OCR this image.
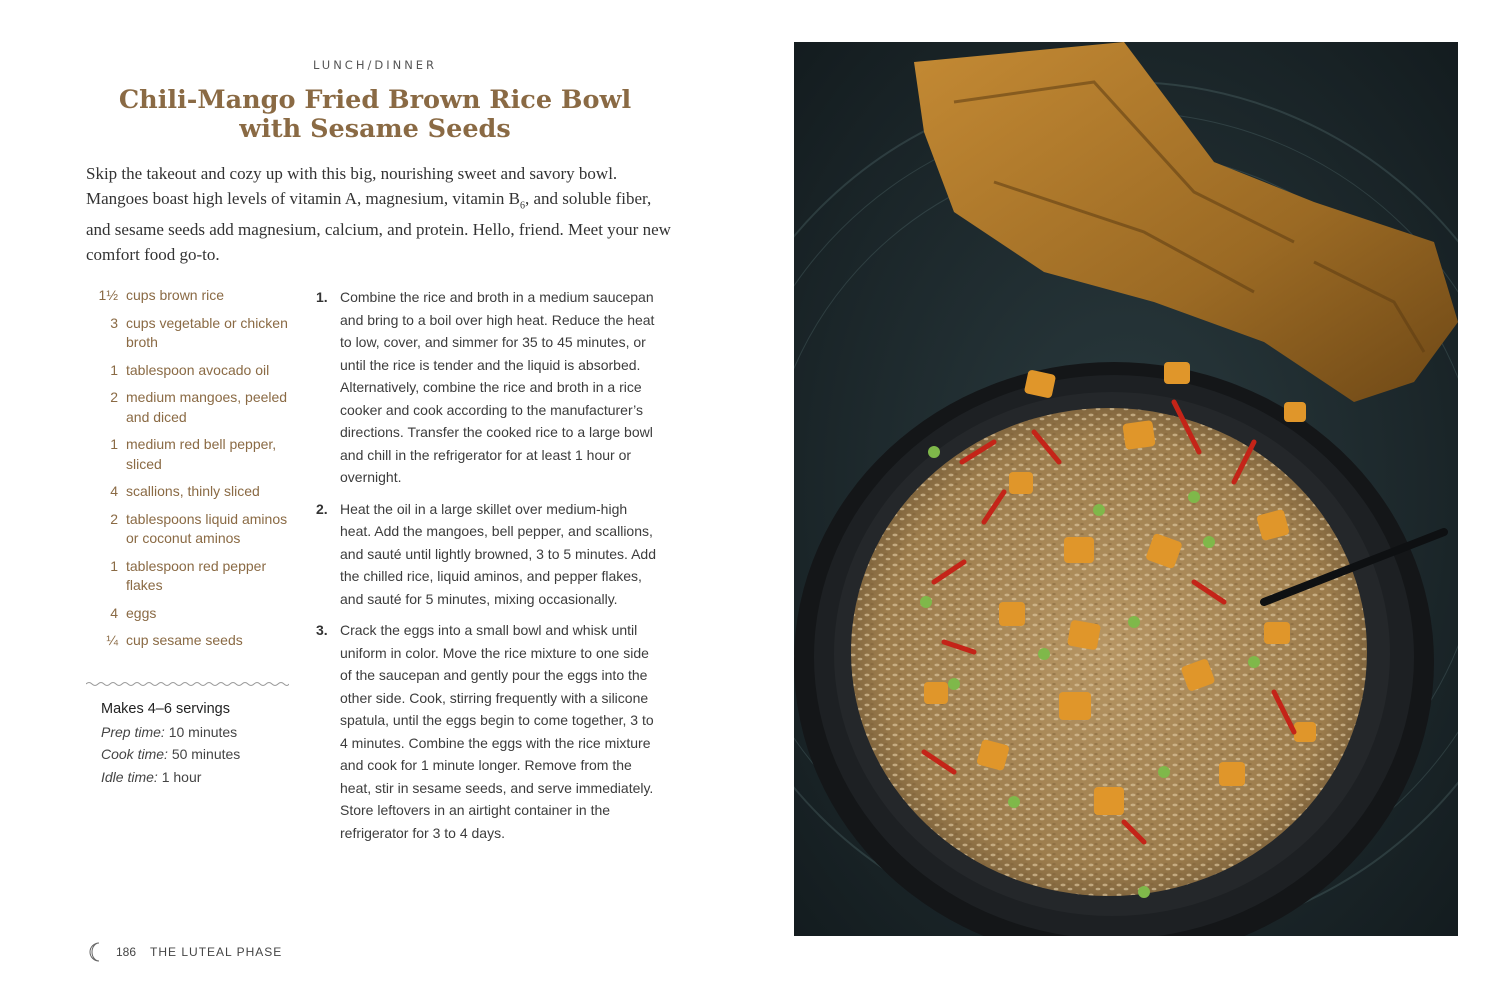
LUNCH/DINNER
Chili-Mango Fried Brown Rice Bowl
with Sesame Seeds

Skip the takeout and cozy up with this big, nourishing sweet and savory bowl. Mangoes boast high levels of vitamin A, magnesium, vitamin $B_6$, and soluble fiber, and sesame seeds add magnesium, calcium, and protein. Hello, friend. Meet your new comfort food go-to.

1½ cups brown rice
3 cups vegetable or chicken broth
1 tablespoon avocado oil
2 medium mangoes, peeled and diced
1 medium red bell pepper, sliced
4 scallions, thinly sliced
2 tablespoons liquid aminos or coconut aminos
1 tablespoon red pepper flakes
4 eggs
¼ cup sesame seeds
Makes 4–6 servings
Prep time: 10 minutes
Cook time: 50 minutes
Idle time: 1 hour
1. Combine the rice and broth in a medium saucepan and bring to a boil over high heat. Reduce the heat to low, cover, and simmer for 35 to 45 minutes, or until the rice is tender and the liquid is absorbed. Alternatively, combine the rice and broth in a rice cooker and cook according to the manufacturer’s directions. Transfer the cooked rice to a large bowl and chill in the refrigerator for at least 1 hour or overnight.
2. Heat the oil in a large skillet over medium-high heat. Add the mangoes, bell pepper, and scallions, and sauté until lightly browned, 3 to 5 minutes. Add the chilled rice, liquid aminos, and pepper flakes, and sauté for 5 minutes, mixing occasionally.
3. Crack the eggs into a small bowl and whisk until uniform in color. Move the rice mixture to one side of the saucepan and gently pour the eggs into the other side. Cook, stirring frequently with a silicone spatula, until the eggs begin to come together, 3 to 4 minutes. Combine the eggs with the rice mixture and cook for 1 minute longer. Remove from the heat, stir in sesame seeds, and serve immediately. Store leftovers in an airtight container in the refrigerator for 3 to 4 days.
186 THE LUTEAL PHASE
